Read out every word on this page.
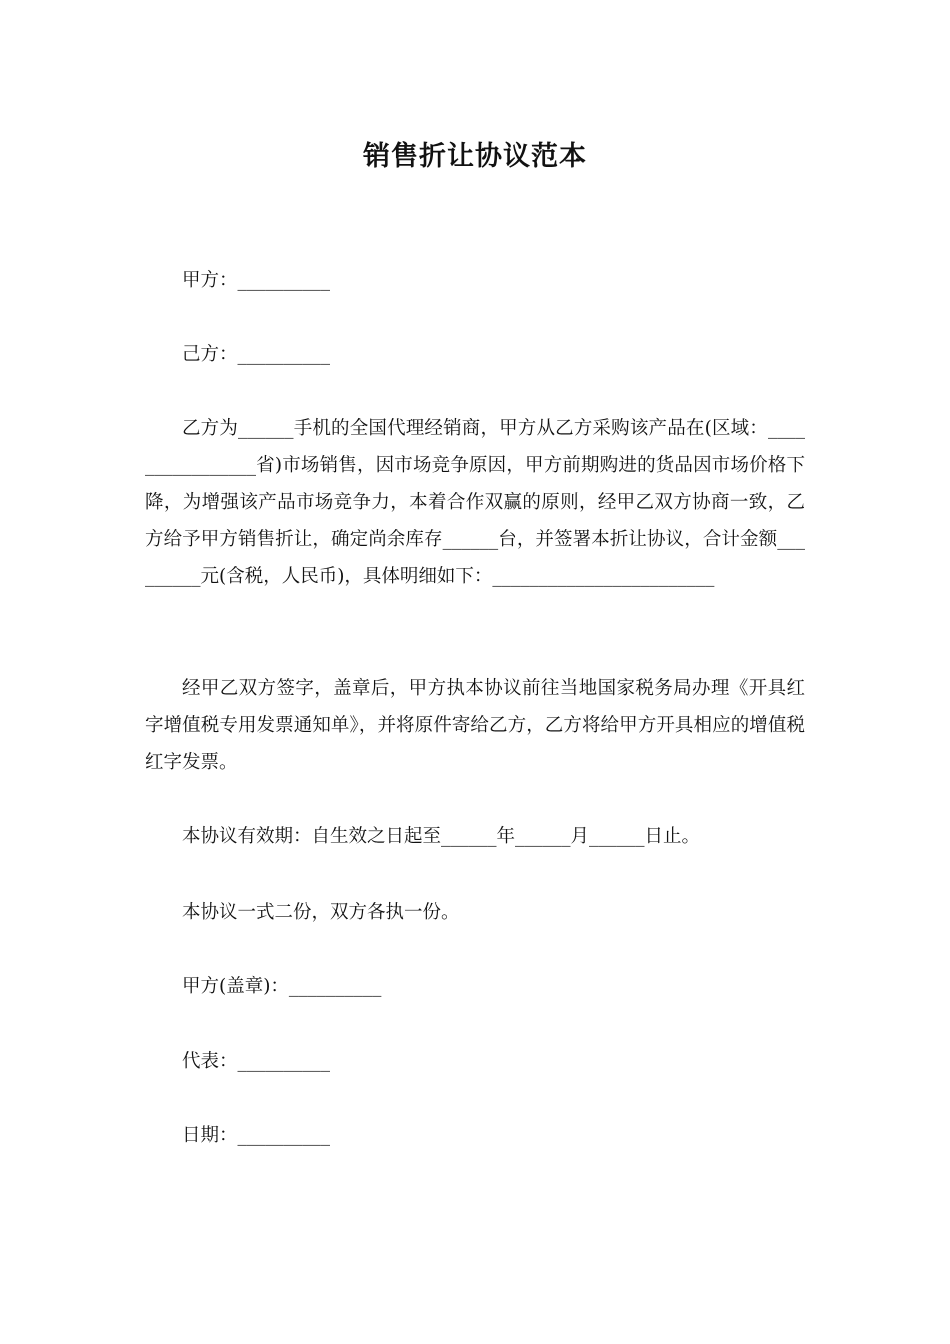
销售折让协议范本

甲方：__________

己方：__________

乙方为______手机的全国代理经销商，甲方从乙方采购该产品在(区域：________________省)市场销售，因市场竞争原因，甲方前期购进的货品因市场价格下降，为增强该产品市场竞争力，本着合作双赢的原则，经甲乙双方协商一致，乙方给予甲方销售折让，确定尚余库存______台，并签署本折让协议，合计金额_________元(含税，人民币)，具体明细如下：________________________

经甲乙双方签字，盖章后，甲方执本协议前往当地国家税务局办理《开具红字增值税专用发票通知单》，并将原件寄给乙方，乙方将给甲方开具相应的增值税红字发票。

本协议有效期：自生效之日起至______年______月______日止。

本协议一式二份，双方各执一份。

甲方(盖章)：__________

代表：__________

日期：__________
